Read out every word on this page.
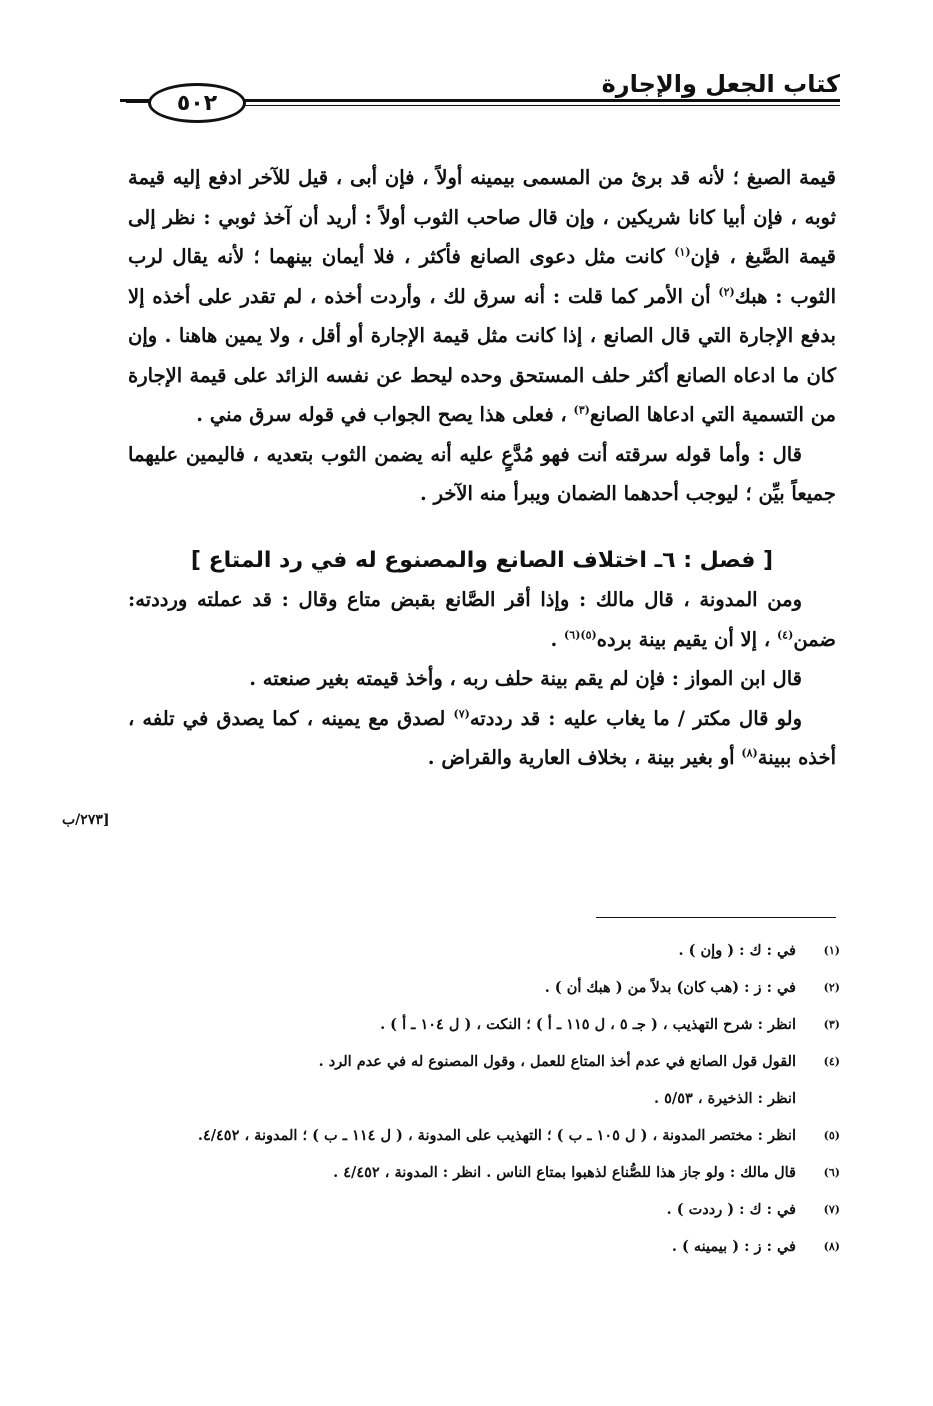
كتاب الجعل والإجارة
٥٠٢

قيمة الصبغ ؛ لأنه قد برئ من المسمى بيمينه أولاً ، فإن أبى ، قيل للآخر ادفع إليه قيمة ثوبه ، فإن أبيا كانا شريكين ، وإن قال صاحب الثوب أولاً : أريد أن آخذ ثوبي : نظر إلى قيمة الصَّبغ ، فإن$^{(١)}$ كانت مثل دعوى الصانع فأكثر ، فلا أيمان بينهما ؛ لأنه يقال لرب الثوب : هبك$^{(٢)}$ أن الأمر كما قلت : أنه سرق لك ، وأردت أخذه ، لم تقدر على أخذه إلا بدفع الإجارة التي قال الصانع ، إذا كانت مثل قيمة الإجارة أو أقل ، ولا يمين هاهنا . وإن كان ما ادعاه الصانع أكثر حلف المستحق وحده ليحط عن نفسه الزائد على قيمة الإجارة من التسمية التي ادعاها الصانع$^{(٣)}$ ، فعلى هذا يصح الجواب في قوله سرق مني .

قال : وأما قوله سرقته أنت فهو مُدَّعٍ عليه أنه يضمن الثوب بتعديه ، فاليمين عليهما جميعاً بيِّن ؛ ليوجب أحدهما الضمان ويبرأ منه الآخر .

[ فصل : ٦ـ اختلاف الصانع والمصنوع له في رد المتاع ]

ومن المدونة ، قال مالك : وإذا أقر الصَّانع بقبض متاع وقال : قد عملته ورددته: ضمن$^{(٤)}$ ، إلا أن يقيم بينة برده$^{(٥)(٦)}$ .

قال ابن المواز : فإن لم يقم بينة حلف ربه ، وأخذ قيمته بغير صنعته .

ولو قال مكتر / ما يغاب عليه : قد رددته$^{(٧)}$ لصدق مع يمينه ، كما يصدق في تلفه ، أخذه ببينة$^{(٨)}$ أو بغير بينة ، بخلاف العارية والقراض .

[٢٧٣/ب
(١)
في : ك : ( وإن ) .
(٢)
في : ز : (هب كان) بدلاً من ( هبك أن ) .
(٣)
انظر : شرح التهذيب ، ( جـ ٥ ، ل ١١٥ ـ أ ) ؛ النكت ، ( ل ١٠٤ ـ أ ) .
(٤)
القول قول الصانع في عدم أخذ المتاع للعمل ، وقول المصنوع له في عدم الرد .
انظر : الذخيرة ، ٥/٥٣ .
(٥)
انظر : مختصر المدونة ، ( ل ١٠٥ ـ ب ) ؛ التهذيب على المدونة ، ( ل ١١٤ ـ ب ) ؛ المدونة ، ٤/٤٥٢.
(٦)
قال مالك : ولو جاز هذا للصُّناع لذهبوا بمتاع الناس . انظر : المدونة ، ٤/٤٥٢ .
(٧)
في : ك : ( رددت ) .
(٨)
في : ز : ( بيمينه ) .
